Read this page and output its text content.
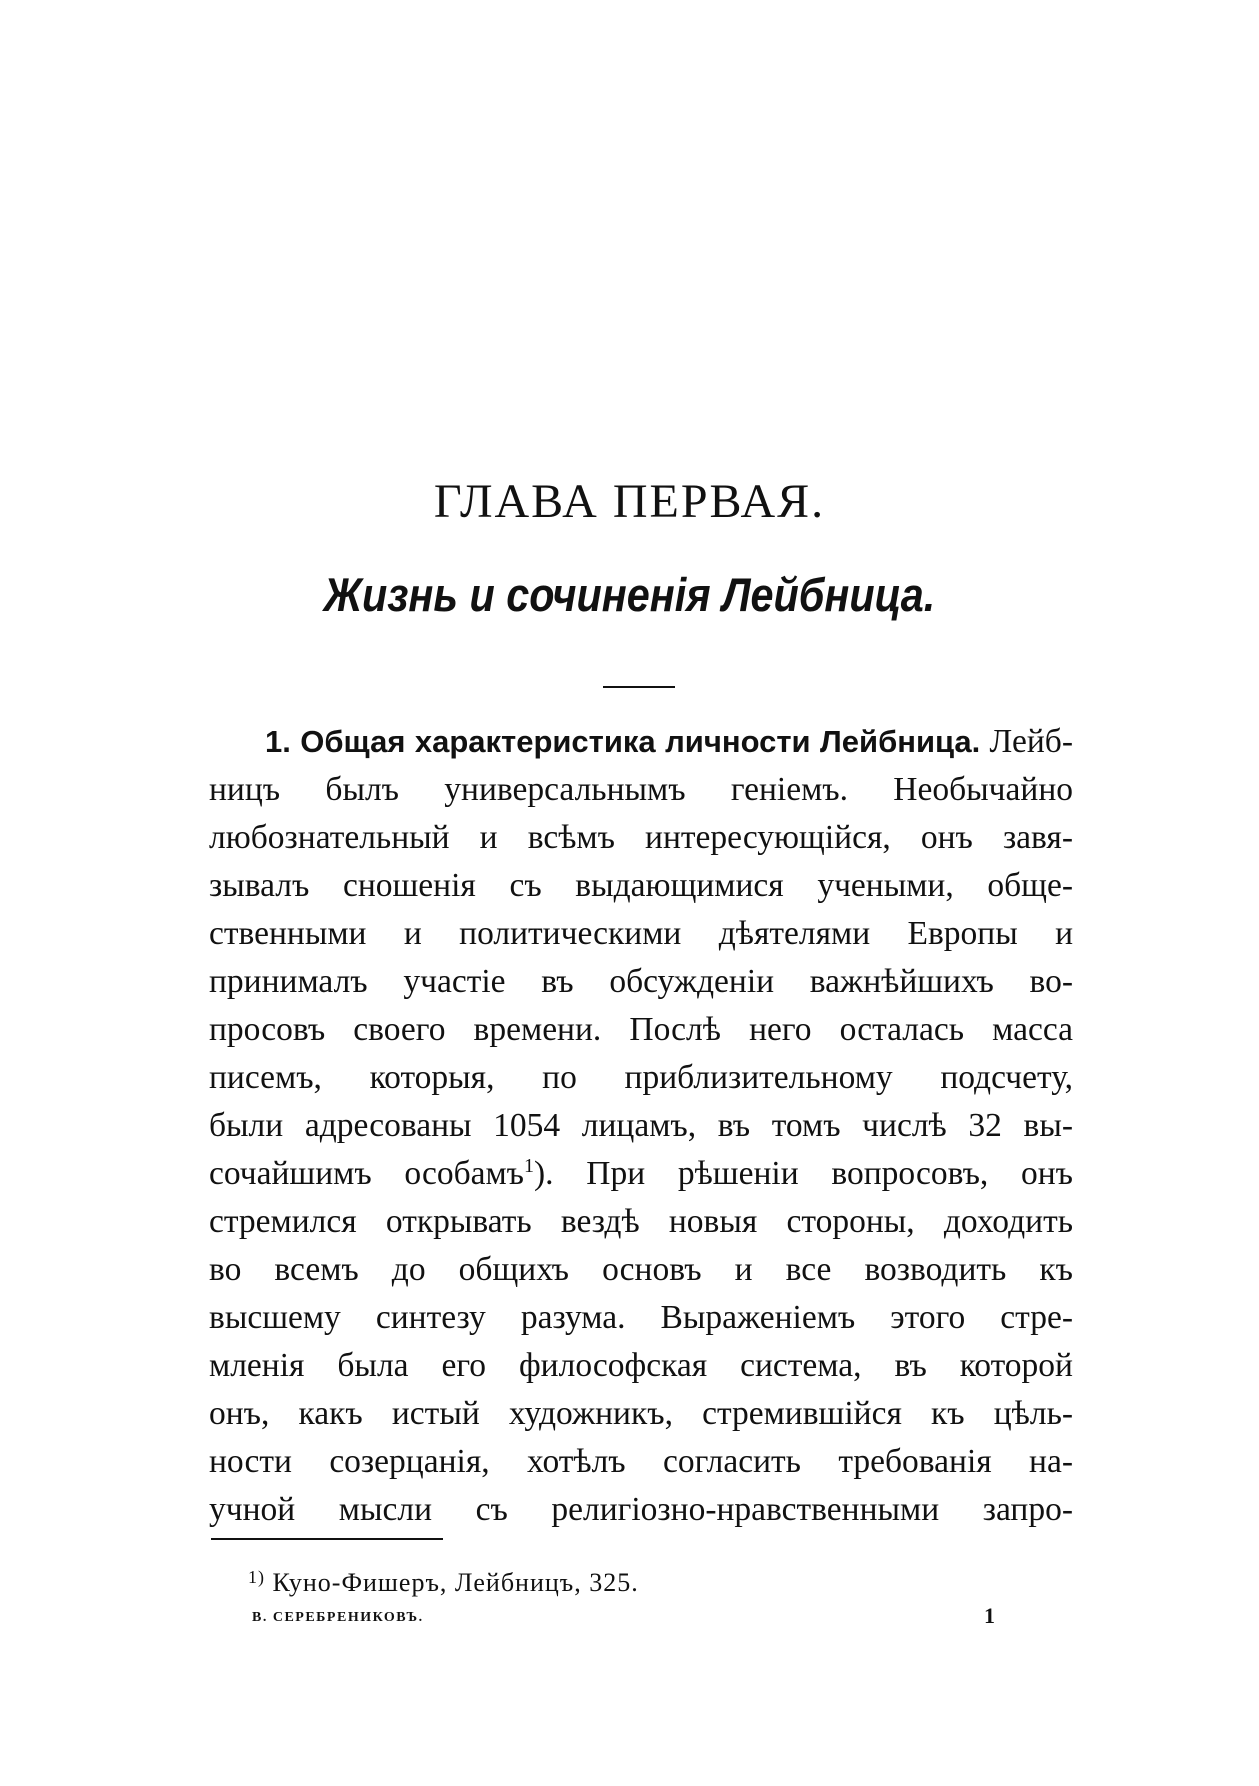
ГЛАВА ПЕРВАЯ.
Жизнь и сочиненія Лейбница.
1. Общая характеристика личности Лейбница. Лейб-
ницъ былъ универсальнымъ геніемъ. Необычайно
любознательный и всѣмъ интересующійся, онъ завя-
зывалъ сношенія съ выдающимися учеными, обще-
ственными и политическими дѣятелями Европы и
принималъ участіе въ обсужденіи важнѣйшихъ во-
просовъ своего времени. Послѣ него осталась масса
писемъ, которыя, по приблизительному подсчету,
были адресованы 1054 лицамъ, въ томъ числѣ 32 вы-
сочайшимъ особамъ$^1$). При рѣшеніи вопросовъ, онъ
стремился открывать вездѣ новыя стороны, доходить
во всемъ до общихъ основъ и все возводить къ
высшему синтезу разума. Выраженіемъ этого стре-
мленія была его философская система, въ которой
онъ, какъ истый художникъ, стремившійся къ цѣль-
ности созерцанія, хотѣлъ согласить требованія на-
учной мысли съ религіозно-нравственными запро-
$^{1)}$ Куно-Фишеръ, Лейбницъ, 325.
В. СЕРЕБРЕНИКОВЪ.	1
